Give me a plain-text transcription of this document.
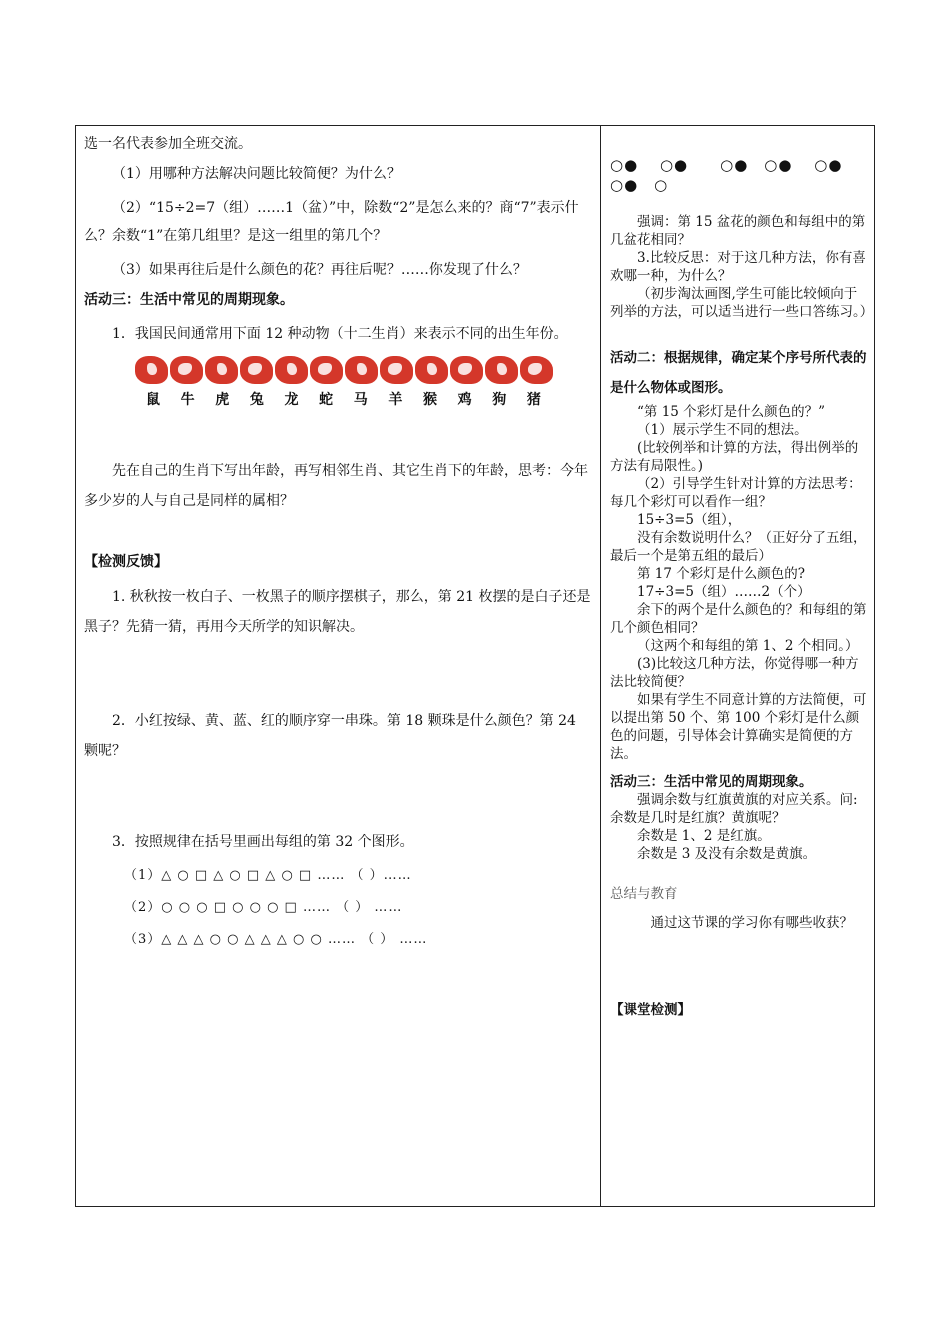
选一名代表参加全班交流。

（1）用哪种方法解决问题比较简便？为什么？

（2）“15÷2=7（组）……1（盆）”中，除数“2”是怎么来的？商“7”表示什么？余数“1”在第几组里？是这一组里的第几个？

（3）如果再往后是什么颜色的花？再往后呢？……你发现了什么？

活动三：生活中常见的周期现象。

1．我国民间通常用下面 12 种动物（十二生肖）来表示不同的出生年份。

鼠 牛 虎 兔 龙 蛇 马 羊 猴 鸡 狗 猪

先在自己的生肖下写出年龄，再写相邻生肖、其它生肖下的年龄，思考：今年多少岁的人与自己是同样的属相？

【检测反馈】

1. 秋秋按一枚白子、一枚黑子的顺序摆棋子，那么，第 21 枚摆的是白子还是黑子？先猜一猜，再用今天所学的知识解决。

2．小红按绿、黄、蓝、红的顺序穿一串珠。第 18 颗珠是什么颜色？第 24 颗呢？

3．按照规律在括号里画出每组的第 32 个图形。

（1）△ ○ □ △ ○ □ △ ○ □ …… （ ）……

（2）○ ○ ○ □ ○ ○ ○ □ …… （ ） ……

（3）△ △ △ ○ ○ △ △ △ ○ ○ …… （ ） ……

○●　 ○●　　○●　○●　 ○●
○●　○

强调：第 15 盆花的颜色和每组中的第几盆花相同？

3.比较反思：对于这几种方法，你有喜欢哪一种，为什么？

（初步淘汰画图,学生可能比较倾向于列举的方法，可以适当进行一些口答练习。）

活动二：根据规律，确定某个序号所代表的是什么物体或图形。

“第 15 个彩灯是什么颜色的？”

（1）展示学生不同的想法。

(比较例举和计算的方法，得出例举的方法有局限性。)

（2）引导学生针对计算的方法思考：每几个彩灯可以看作一组？

15÷3=5（组），

没有余数说明什么？（正好分了五组，最后一个是第五组的最后）

第 17 个彩灯是什么颜色的?

17÷3=5（组）……2（个）

余下的两个是什么颜色的？和每组的第几个颜色相同？

（这两个和每组的第 1、2 个相同。）

(3)比较这几种方法，你觉得哪一种方法比较简便？

如果有学生不同意计算的方法简便，可以提出第 50 个、第 100 个彩灯是什么颜色的问题，引导体会计算确实是简便的方法。

活动三：生活中常见的周期现象。

强调余数与红旗黄旗的对应关系。问:余数是几时是红旗？黄旗呢？

余数是 1、2 是红旗。

余数是 3 及没有余数是黄旗。

总结与教育

通过这节课的学习你有哪些收获？

【课堂检测】
